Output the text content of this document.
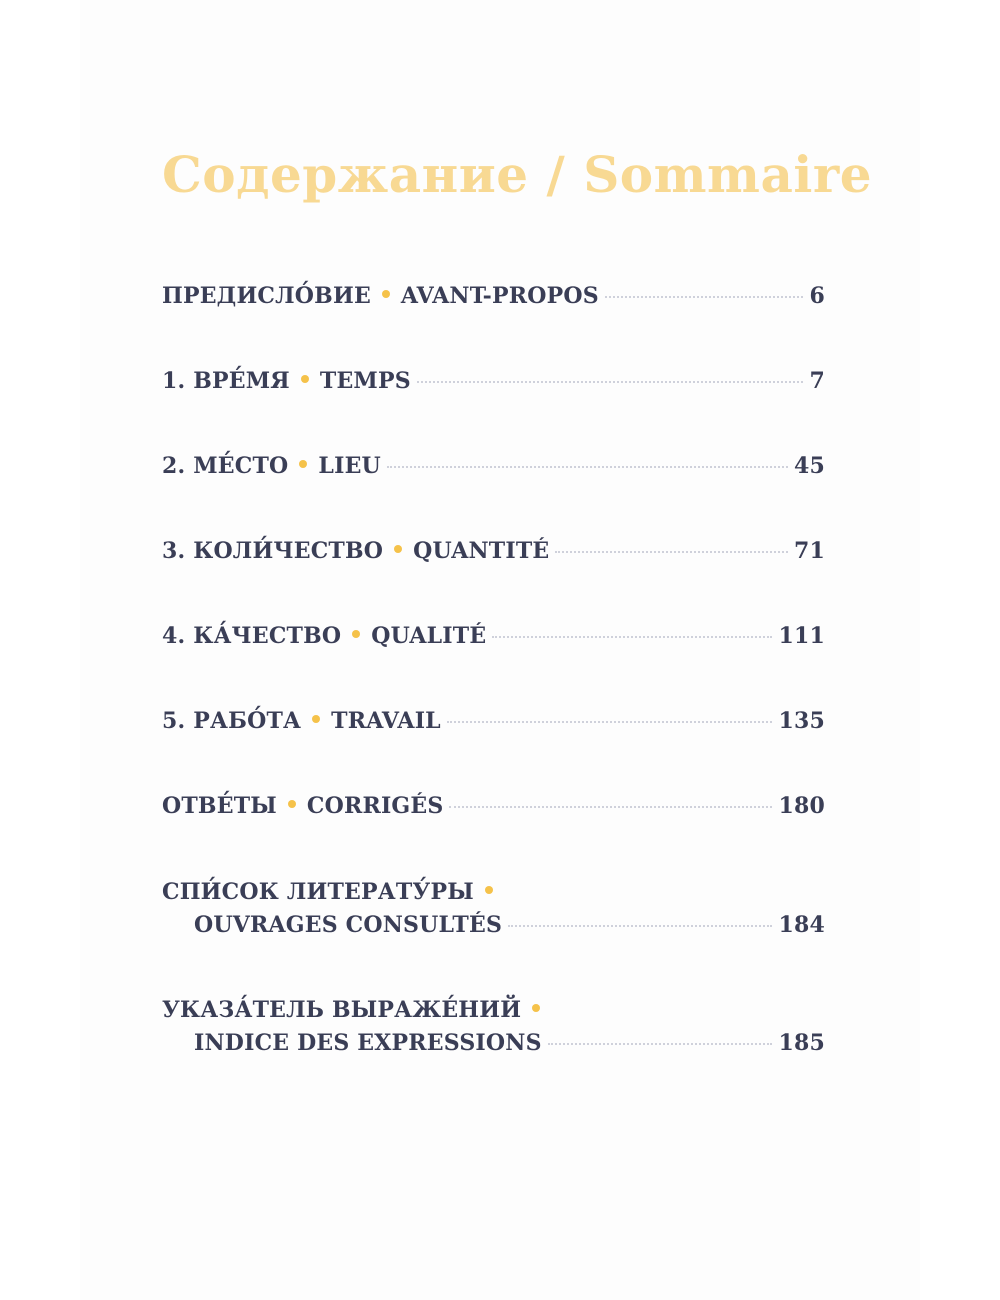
Содержание / Sommaire
ПРЕДИСЛО́ВИЕ AVANT-PROPOS	6
1. ВРЕ́МЯ TEMPS	7
2. МЕ́СТО LIEU	45
3. КОЛИ́ЧЕСТВО QUANTITÉ	71
4. КА́ЧЕСТВО QUALITÉ	111
5. РАБО́ТА TRAVAIL	135
ОТВЕ́ТЫ CORRIGÉS	180
СПИ́СОК ЛИТЕРАТУ́РЫ
OUVRAGES CONSULTÉS	184
УКАЗА́ТЕЛЬ ВЫРАЖЕ́НИЙ
INDICE DES EXPRESSIONS	185
